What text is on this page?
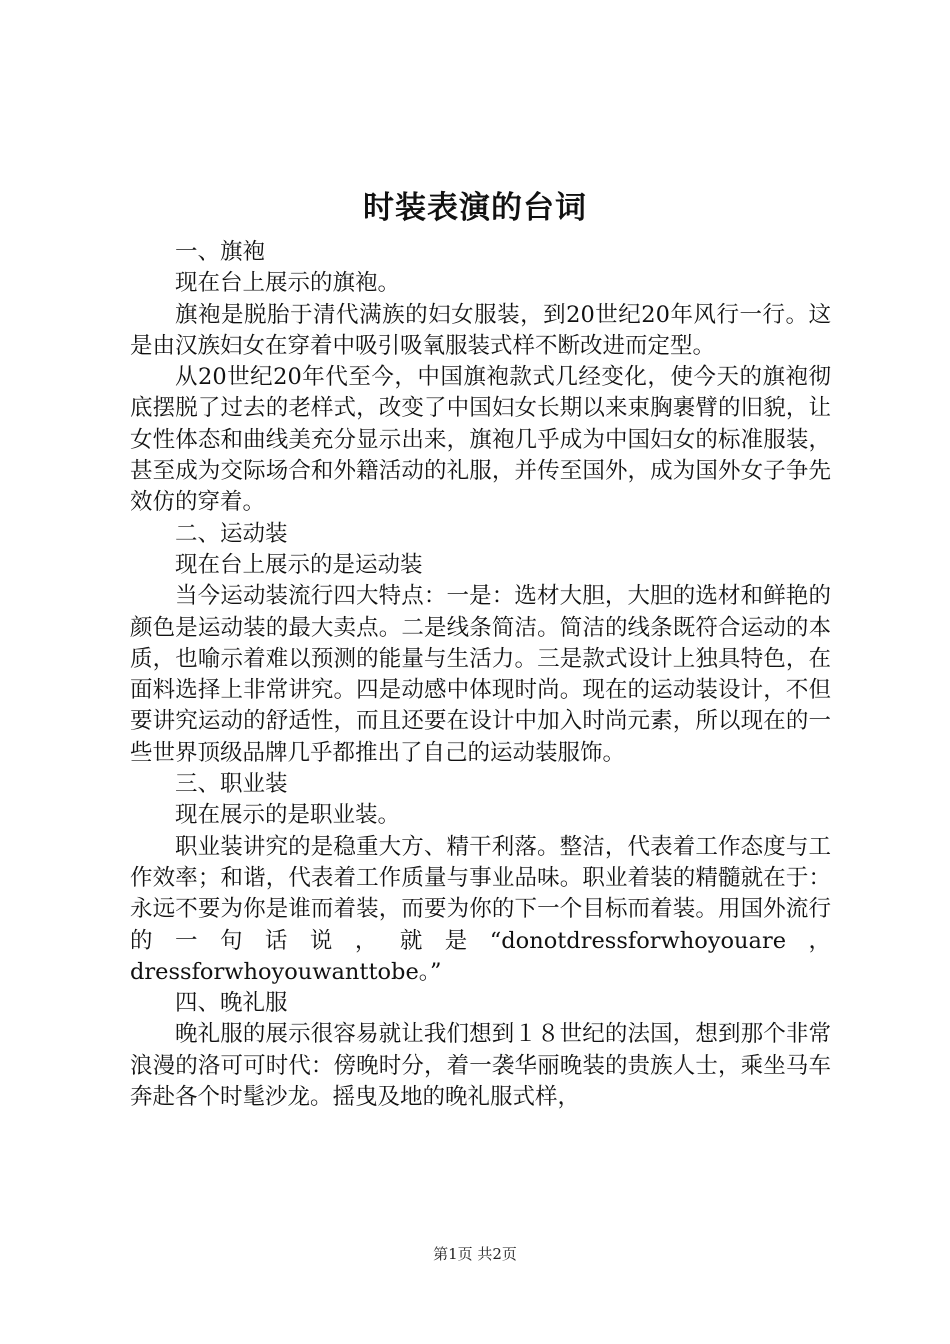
时装表演的台词

一、旗袍

现在台上展示的旗袍。

旗袍是脱胎于清代满族的妇女服装，到20世纪20年风行一行。这是由汉族妇女在穿着中吸引吸氧服装式样不断改进而定型。

从20世纪20年代至今，中国旗袍款式几经变化，使今天的旗袍彻底摆脱了过去的老样式，改变了中国妇女长期以来束胸裹臂的旧貌，让女性体态和曲线美充分显示出来，旗袍几乎成为中国妇女的标准服装，甚至成为交际场合和外籍活动的礼服，并传至国外，成为国外女子争先效仿的穿着。

二、运动装

现在台上展示的是运动装

当今运动装流行四大特点：一是：选材大胆，大胆的选材和鲜艳的颜色是运动装的最大卖点。二是线条简洁。简洁的线条既符合运动的本质，也喻示着难以预测的能量与生活力。三是款式设计上独具特色，在面料选择上非常讲究。四是动感中体现时尚。现在的运动装设计，不但要讲究运动的舒适性，而且还要在设计中加入时尚元素，所以现在的一些世界顶级品牌几乎都推出了自己的运动装服饰。

三、职业装

现在展示的是职业装。

职业装讲究的是稳重大方、精干利落。整洁，代表着工作态度与工作效率；和谐，代表着工作质量与事业品味。职业着装的精髓就在于：永远不要为你是谁而着装，而要为你的下一个目标而着装。用国外流行的一句话说，就是“donotdressforwhoyouare，dressforwhoyouwanttobe。”

四、晚礼服

晚礼服的展示很容易就让我们想到１８世纪的法国，想到那个非常浪漫的洛可可时代：傍晚时分，着一袭华丽晚装的贵族人士，乘坐马车奔赴各个时髦沙龙。摇曳及地的晚礼服式样，

第1页 共2页
